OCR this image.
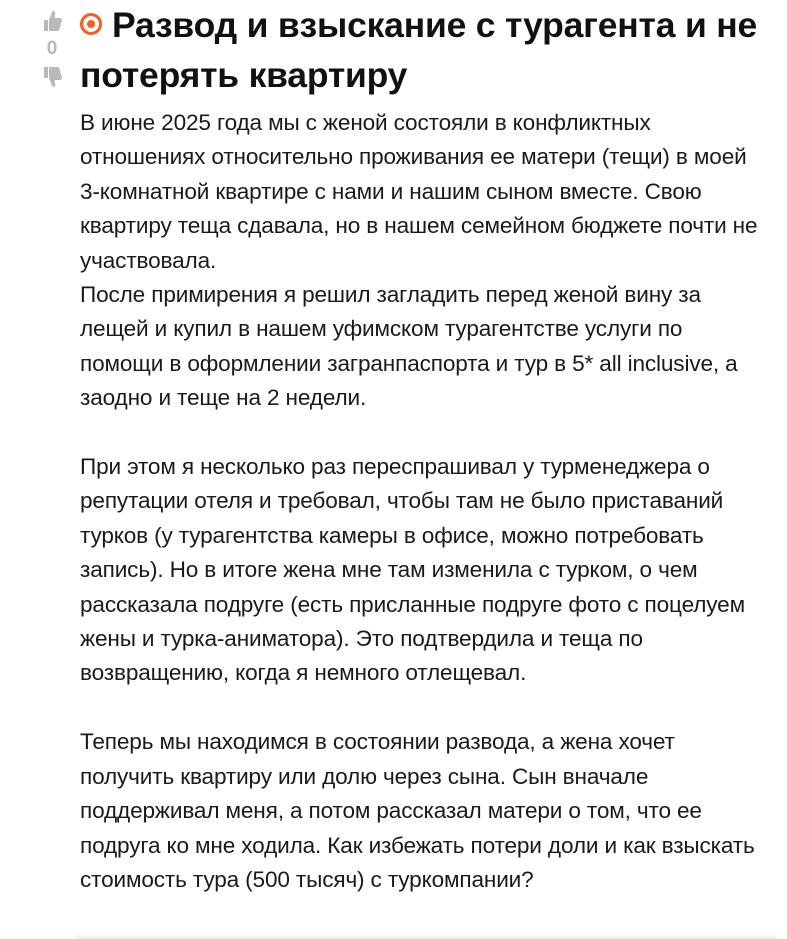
0
Развод и взыскание с турагента и не потерять квартиру

В июне 2025 года мы с женой состояли в конфликтных отношениях относительно проживания ее матери (тещи) в моей 3-комнатной квартире с нами и нашим сыном вместе. Свою квартиру теща сдавала, но в нашем семейном бюджете почти не участвовала.

После примирения я решил загладить перед женой вину за лещей и купил в нашем уфимском турагентстве услуги по помощи в оформлении загранпаспорта и тур в 5* all inclusive, а заодно и теще на 2 недели.

При этом я несколько раз переспрашивал у турменеджера о репутации отеля и требовал, чтобы там не было приставаний турков (у турагентства камеры в офисе, можно потребовать запись). Но в итоге жена мне там изменила с турком, о чем рассказала подруге (есть присланные подруге фото с поцелуем жены и турка-аниматора). Это подтвердила и теща по возвращению, когда я немного отлещевал.

Теперь мы находимся в состоянии развода, а жена хочет получить квартиру или долю через сына. Сын вначале поддерживал меня, а потом рассказал матери о том, что ее подруга ко мне ходила. Как избежать потери доли и как взыскать стоимость тура (500 тысяч) с туркомпании?
